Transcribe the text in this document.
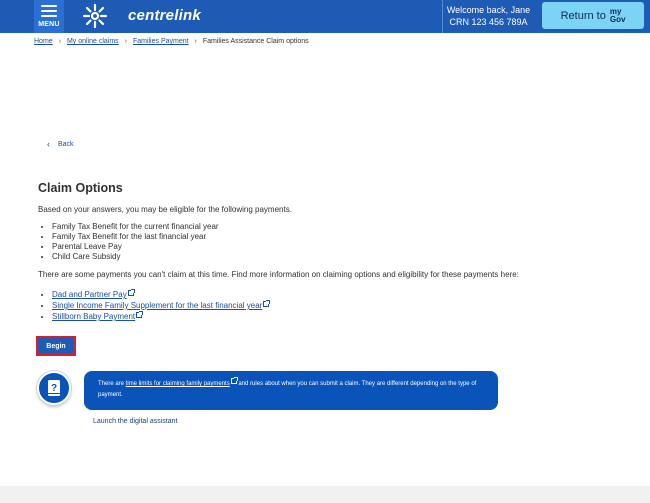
MENU
centrelink	Welcome back, Jane
CRN 123 456 789A
Return to my
Gov
Home › My online claims › Families Payment › Families Assistance Claim options
‹ Back
Claim Options

Based on your answers, you may be eligible for the following payments.

• Family Tax Benefit for the current financial year
• Family Tax Benefit for the last financial year
• Parental Leave Pay
• Child Care Subsidy

There are some payments you can't claim at this time. Find more information on claiming options and eligibility for these payments here:

• Dad and Partner Pay
• Single Income Family Supplement for the last financial year
• Stillborn Baby Payment
Begin
There are time limits for claiming family payments and rules about when you can submit a claim. They are different depending on the type of payment.
?
Launch the digital assistant
